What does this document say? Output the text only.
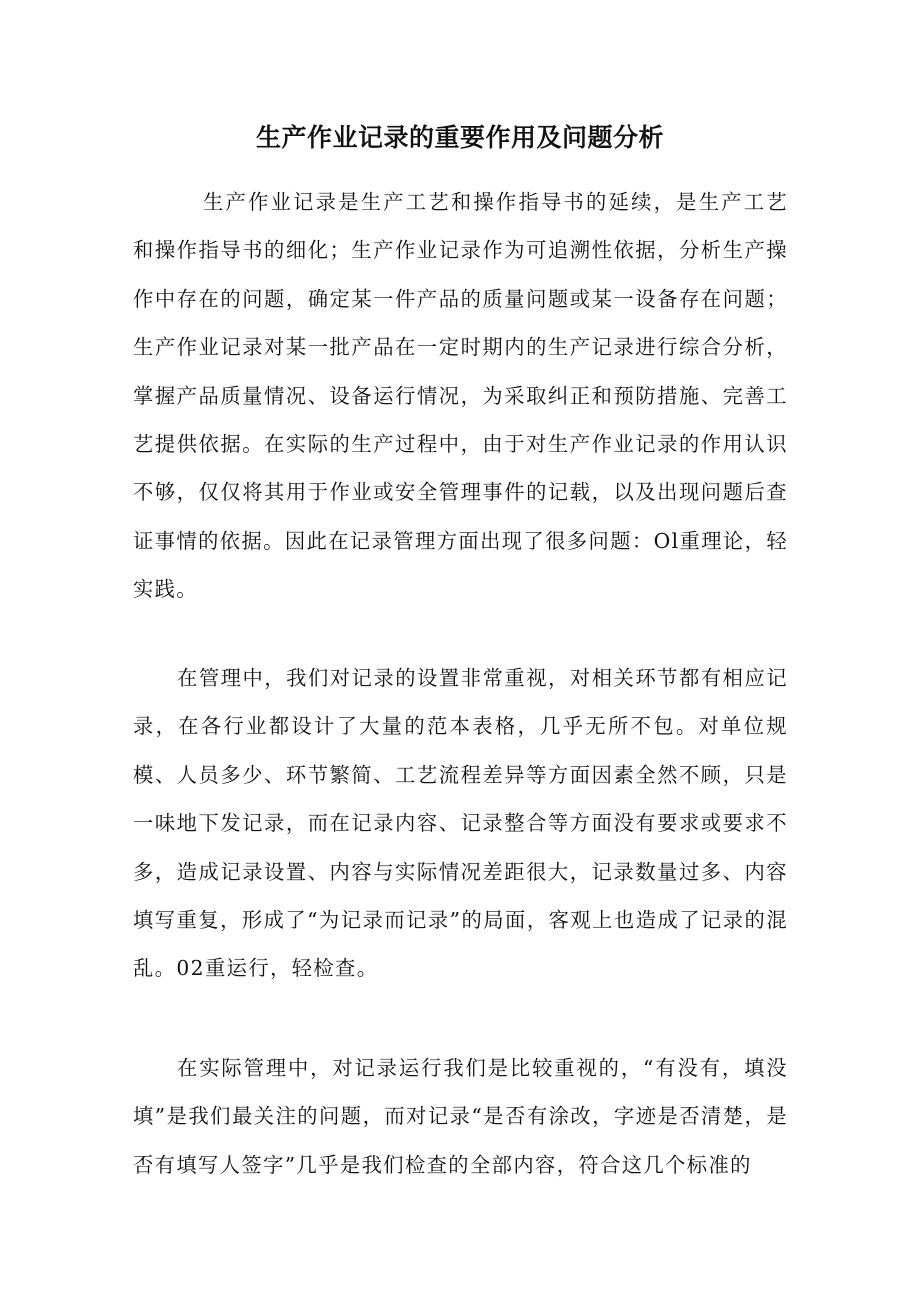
生产作业记录的重要作用及问题分析

生产作业记录是生产工艺和操作指导书的延续，是生产工艺和操作指导书的细化；生产作业记录作为可追溯性依据，分析生产操作中存在的问题，确定某一件产品的质量问题或某一设备存在问题；生产作业记录对某一批产品在一定时期内的生产记录进行综合分析，掌握产品质量情况、设备运行情况，为采取纠正和预防措施、完善工艺提供依据。在实际的生产过程中，由于对生产作业记录的作用认识不够，仅仅将其用于作业或安全管理事件的记载，以及出现问题后查证事情的依据。因此在记录管理方面出现了很多问题：Ol重理论，轻实践。

在管理中，我们对记录的设置非常重视，对相关环节都有相应记录，在各行业都设计了大量的范本表格，几乎无所不包。对单位规模、人员多少、环节繁简、工艺流程差异等方面因素全然不顾，只是一味地下发记录，而在记录内容、记录整合等方面没有要求或要求不多，造成记录设置、内容与实际情况差距很大，记录数量过多、内容填写重复，形成了“为记录而记录”的局面，客观上也造成了记录的混乱。02重运行，轻检查。

在实际管理中，对记录运行我们是比较重视的，“有没有，填没填”是我们最关注的问题，而对记录“是否有涂改，字迹是否清楚，是否有填写人签字”几乎是我们检查的全部内容，符合这几个标准的
